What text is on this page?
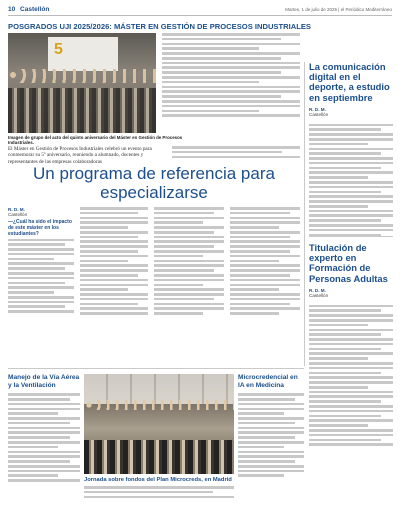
10 Castellón	Martes, 1 de julio de 2025 | el Periódico Mediterráneo
POSGRADOS UJI 2025/2026: MÁSTER EN GESTIÓN DE PROCESOS INDUSTRIALES
5
Imagen de grupo del acto del quinto aniversario del Máster en Gestión de Procesos Industriales.
El Máster en Gestión de Procesos Industriales celebró un evento para conmemorar su 5º aniversario, reuniendo a alumnado, docentes y representantes de las empresas colaboradoras
Un programa de referencia para especializarse
R. D. M.
Castellón
—¿Cuál ha sido el impacto de este máster en los estudiantes?
La comunicación digital en el deporte, a estudio en septiembre
R. D. M.
Castellón
Titulación de experto en Formación de Personas Adultas
R. D. M.
Castellón
Manejo de la Vía Aérea y la Ventilación
Jornada sobre fondos del Plan Microcreds, en Madrid
Microcredencial en IA en Medicina
